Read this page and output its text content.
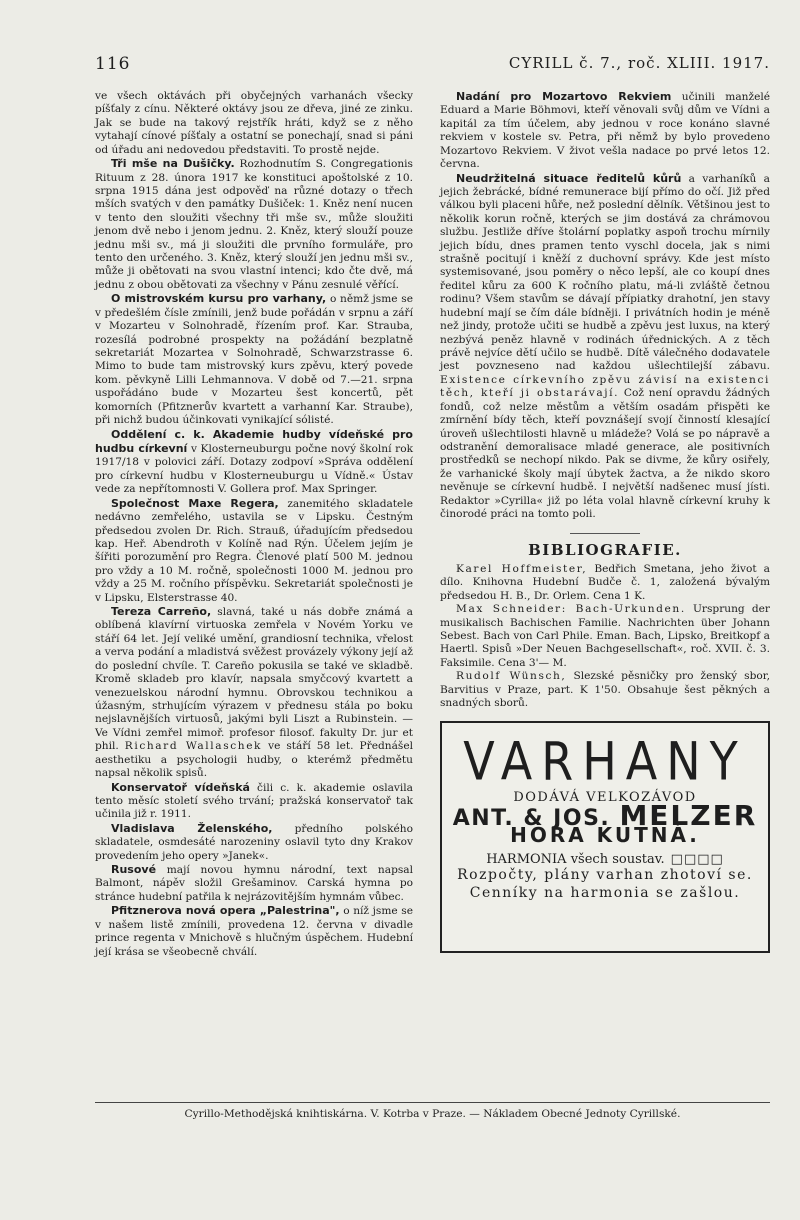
116	CYRILL č. 7., roč. XLIII. 1917.

ve všech oktávách při obyčejných varhanách všecky píšťaly z cínu. Některé oktávy jsou ze dřeva, jiné ze zinku. Jak se bude na takový rejstřík hráti, když se z něho vytahají cínové píšťaly a ostatní se ponechají, snad si páni od úřadu ani nedovedou představiti. To prostě nejde.

Tři mše na Dušičky. Rozhodnutím S. Congregationis Rituum z 28. února 1917 ke konstituci apoštolské z 10. srpna 1915 dána jest odpověď na různé dotazy o třech mších svatých v den památky Dušiček: 1. Kněz není nucen v tento den sloužiti všechny tři mše sv., může sloužiti jenom dvě nebo i jenom jednu. 2. Kněz, který slouží pouze jednu mši sv., má ji sloužiti dle prvního formuláře, pro tento den určeného. 3. Kněz, který slouží jen jednu mši sv., může ji obětovati na svou vlastní intenci; kdo čte dvě, má jednu z obou obětovati za všechny v Pánu zesnulé věřící.

O mistrovském kursu pro varhany, o němž jsme se v předešlém čísle zmínili, jenž bude pořádán v srpnu a září v Mozarteu v Solnohradě, řízením prof. Kar. Strauba, rozesílá podrobné prospekty na požádání bezplatně sekretariát Mozartea v Solnohradě, Schwarzstrasse 6. Mimo to bude tam mistrovský kurs zpěvu, který povede kom. pěvkyně Lilli Lehmannova. V době od 7.—21. srpna uspořádáno bude v Mozarteu šest koncertů, pět komorních (Pfitznerův kvartett a varhanní Kar. Straube), při nichž budou účinkovati vynikající sólisté.

Oddělení c. k. Akademie hudby vídeňské pro hudbu církevní v Klosterneuburgu počne nový školní rok 1917/18 v polovici září. Dotazy zodpoví »Správa oddělení pro církevní hudbu v Klosterneuburgu u Vídně.« Ústav vede za nepřítomnosti V. Gollera prof. Max Springer.

Společnost Maxe Regera, zanemitého skladatele nedávno zemřelého, ustavila se v Lipsku. Čestným předsedou zvolen Dr. Rich. Strauß, úřadujícím předsedou kap. Heř. Abendroth v Kolíně nad Rýn. Účelem jejím je šířiti porozumění pro Regra. Členové platí 500 M. jednou pro vždy a 10 M. ročně, společnosti 1000 M. jednou pro vždy a 25 M. ročního příspěvku. Sekretariát společnosti je v Lipsku, Elsterstrasse 40.

Tereza Carreño, slavná, také u nás dobře známá a oblíbená klavírní virtuoska zemřela v Novém Yorku ve stáří 64 let. Její veliké umění, grandiosní technika, vřelost a verva podání a mladistvá svěžest provázely výkony její až do poslední chvíle. T. Careño pokusila se také ve skladbě. Kromě skladeb pro klavír, napsala smyčcový kvartett a venezuelskou národní hymnu. Obrovskou technikou a úžasným, strhujícím výrazem v přednesu stála po boku nejslavnějších virtuosů, jakými byli Liszt a Rubinstein. — Ve Vídni zemřel mimoř. profesor filosof. fakulty Dr. jur et phil. Richard Wallaschek ve stáří 58 let. Přednášel aesthetiku a psychologii hudby, o kterémž předmětu napsal několik spisů.

Konservatoř vídeňská čili c. k. akademie oslavila tento měsíc století svého trvání; pražská konservatoř tak učinila již r. 1911.

Vladislava Želenského, předního polského skladatele, osmdesáté narozeniny oslavil tyto dny Krakov provedením jeho opery »Janek«.

Rusové mají novou hymnu národní, text napsal Balmont, nápěv složil Grešaminov. Carská hymna po stránce hudební patřila k nejrázovitějším hymnám vůbec.

Pfitznerova nová opera „Palestrina", o níž jsme se v našem listě zmínili, provedena 12. června v divadle prince regenta v Mnichově s hlučným úspěchem. Hudební její krása se všeobecně chválí.

Nadání pro Mozartovo Rekviem učinili manželé Eduard a Marie Böhmovi, kteří věnovali svůj dům ve Vídni a kapitál za tím účelem, aby jednou v roce konáno slavné rekviem v kostele sv. Petra, při němž by bylo provedeno Mozartovo Rekviem. V život vešla nadace po prvé letos 12. června.

Neudržitelná situace ředitelů kůrů a varhaníků a jejich žebrácké, bídné remunerace bijí přímo do očí. Již před válkou byli placeni hůře, než poslední dělník. Většinou jest to několik korun ročně, kterých se jim dostává za chrámovou službu. Jestliže dříve štolární poplatky aspoň trochu mírnily jejich bídu, dnes pramen tento vyschl docela, jak s nimi strašně pocitují i kněží z duchovní správy. Kde jest místo systemisované, jsou poměry o něco lepší, ale co koupí dnes ředitel kůru za 600 K ročního platu, má-li zvláště četnou rodinu? Všem stavům se dávají přípiatky drahotní, jen stavy hudební mají se čím dále bídněji. I privátních hodin je méně než jindy, protože učiti se hudbě a zpěvu jest luxus, na který nezbývá peněz hlavně v rodinách úřednických. A z těch právě nejvíce dětí učilo se hudbě. Dítě válečného dodavatele jest povzneseno nad každou ušlechtilejší zábavu. Existence církevního zpěvu závisí na existenci těch, kteří ji obstarávají. Což není opravdu žádných fondů, což nelze městům a větším osadám přispěti ke zmírnění bídy těch, kteří povznášejí svojí činností klesající úroveň ušlechtilosti hlavně u mládeže? Volá se po nápravě a odstranění demoralisace mladé generace, ale positivních prostředků se nechopí nikdo. Pak se divme, že kůry osiřely, že varhanické školy mají úbytek žactva, a že nikdo skoro nevěnuje se církevní hudbě. I největší nadšenec musí jísti. Redaktor »Cyrilla« již po léta volal hlavně církevní kruhy k činorodé práci na tomto poli.

BIBLIOGRAFIE.

Karel Hoffmeister, Bedřich Smetana, jeho život a dílo. Knihovna Hudební Budče č. 1, založená bývalým předsedou H. B., Dr. Orlem. Cena 1 K.

Max Schneider: Bach-Urkunden. Ursprung der musikalisch Bachischen Familie. Nachrichten über Johann Sebest. Bach von Carl Phile. Eman. Bach, Lipsko, Breitkopf a Haertl. Spisů »Der Neuen Bachgesellschaft«, roč. XVII. č. 3. Faksimile. Cena 3'— M.

Rudolf Wünsch, Slezské pěsničky pro ženský sbor, Barvitius v Praze, part. K 1'50. Obsahuje šest pěkných a snadných sborů.

VARHANY
DODÁVÁ VELKOZÁVOD
ANT. & JOS. MELZER
HORA KUTNÁ.
HARMONIA všech soustav. □□□□
Rozpočty, plány varhan zhotoví se.
Cenníky na harmonia se zašlou.
Cyrillo-Methodějská knihtiskárna. V. Kotrba v Praze. — Nákladem Obecné Jednoty Cyrillské.
